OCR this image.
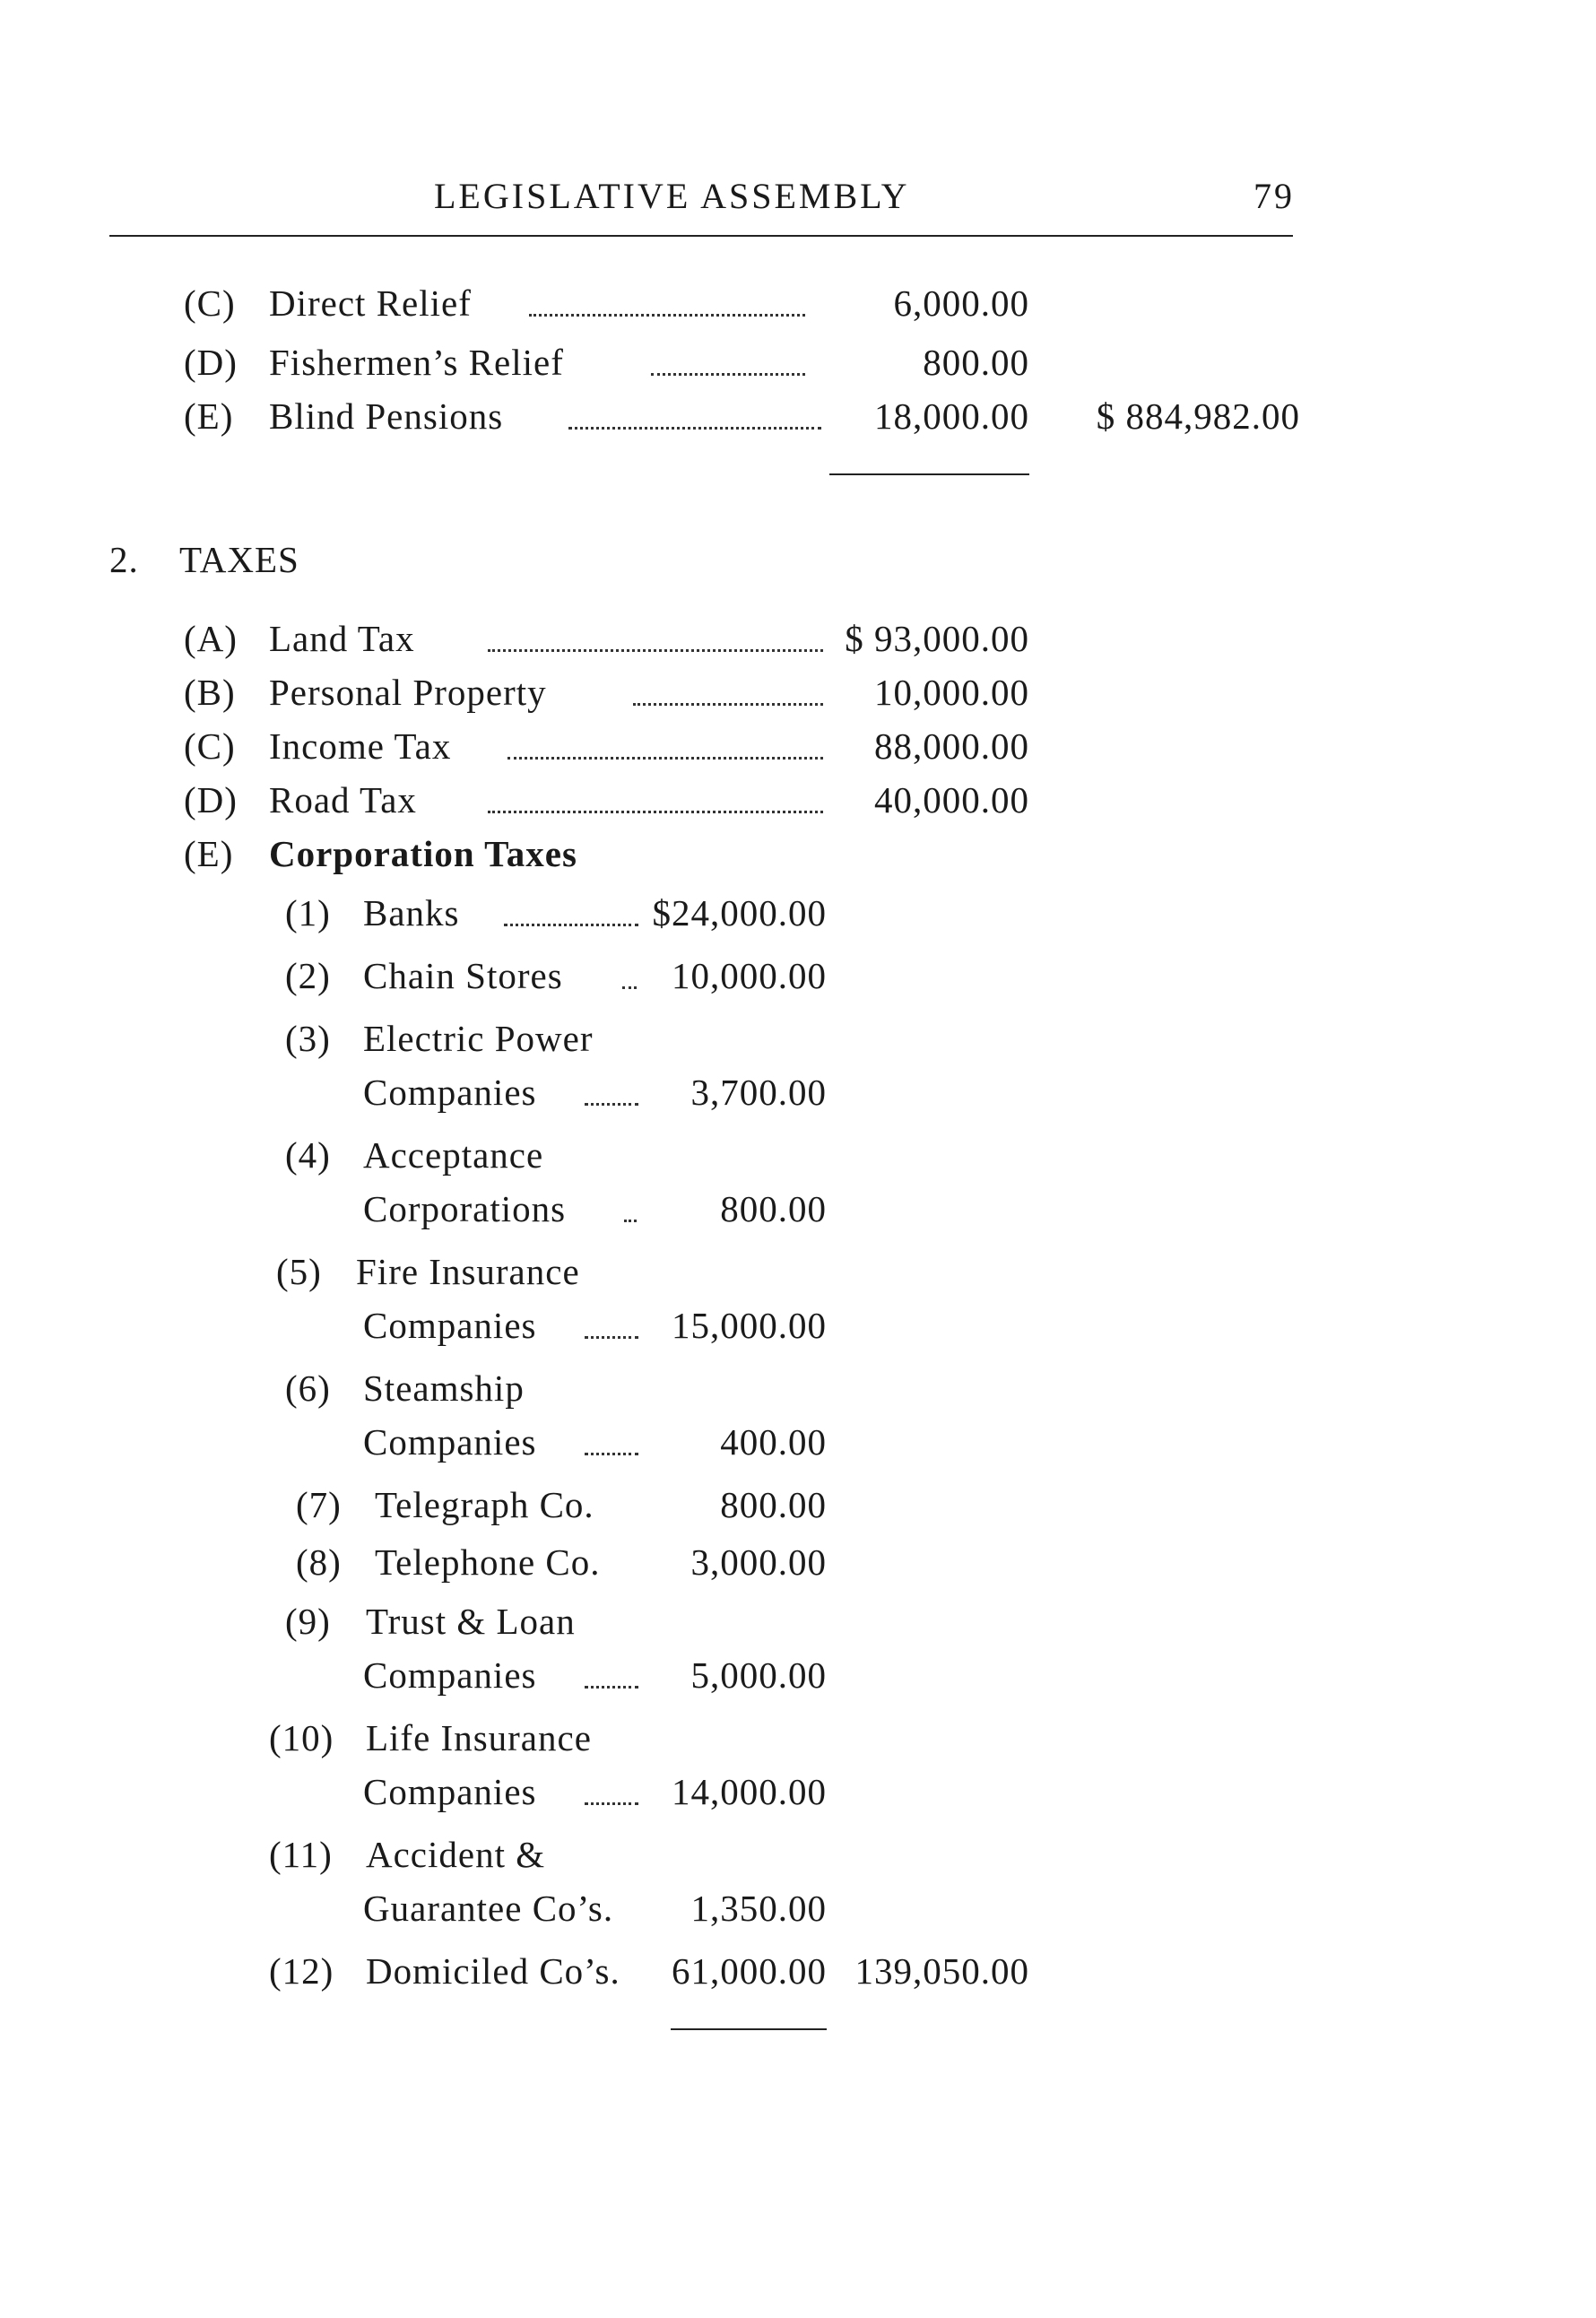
LEGISLATIVE ASSEMBLY	79
(C) Direct Relief	6,000.00
(D) Fishermen’s Relief	800.00
(E) Blind Pensions	18,000.00	$ 884,982.00
2. TAXES
(A) Land Tax	$ 93,000.00
(B) Personal Property	10,000.00
(C) Income Tax	88,000.00
(D) Road Tax	40,000.00
(E) Corporation Taxes
(1) Banks	$24,000.00
(2) Chain Stores	10,000.00
(3) Electric Power
Companies	3,700.00
(4) Acceptance
Corporations	800.00
(5) Fire Insurance
Companies	15,000.00
(6) Steamship
Companies	400.00
(7) Telegraph Co.	800.00
(8) Telephone Co.	3,000.00
(9) Trust & Loan
Companies	5,000.00
(10) Life Insurance
Companies	14,000.00
(11) Accident &
Guarantee Co’s.	1,350.00
(12) Domiciled Co’s.	61,000.00 139,050.00
